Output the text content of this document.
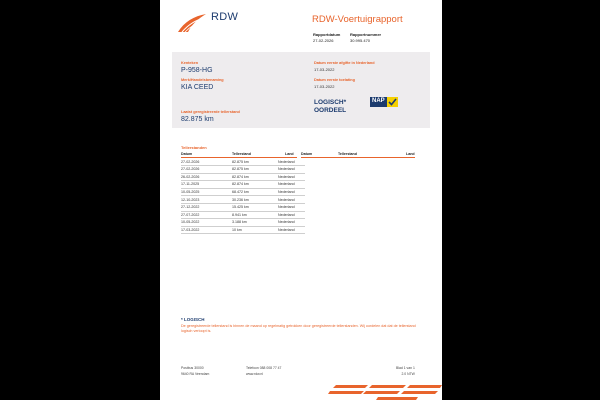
RDW	RDW-Voertuigrapport
Rapportdatum
27-02-2026
Rapportnummer
30.995.470
Kenteken
P-958-HG
Merk/Handelsbenaming
KIA CEED
Laatst geregistreerde tellerstand
82.875 km
Datum eerste afgifte in Nederland
17-03-2022
Datum eerste toelating
17-03-2022
LOGISCH*
OORDEEL
NAP
Tellerstanden
Datum	Tellerstand	Land Datum	Tellerstand	Land
27-02-2026	82.875 km	Nederland
27-02-2026	82.875 km	Nederland
26-02-2026	82.874 km	Nederland
17-11-2025	82.874 km	Nederland
10-05-2025	68.472 km	Nederland
12-10-2023	30.236 km	Nederland
27-12-2022	15.425 km	Nederland
27-07-2022	8.941 km	Nederland
10-05-2022	3.188 km	Nederland
17-03-2022	10 km	Nederland
* LOGISCH
De geregistreerde tellerstand is binnen de maand op regelmatig getrokken door geregistreerde tellerstanden. Wij oordelen dat dat de tellerstand logisch verloopt is.
Postbus 30000
9640 RA Veendam
Telefoon 088 008 77 47
www.rdw.nl
Blad 1 van 1
2.0 NTW
